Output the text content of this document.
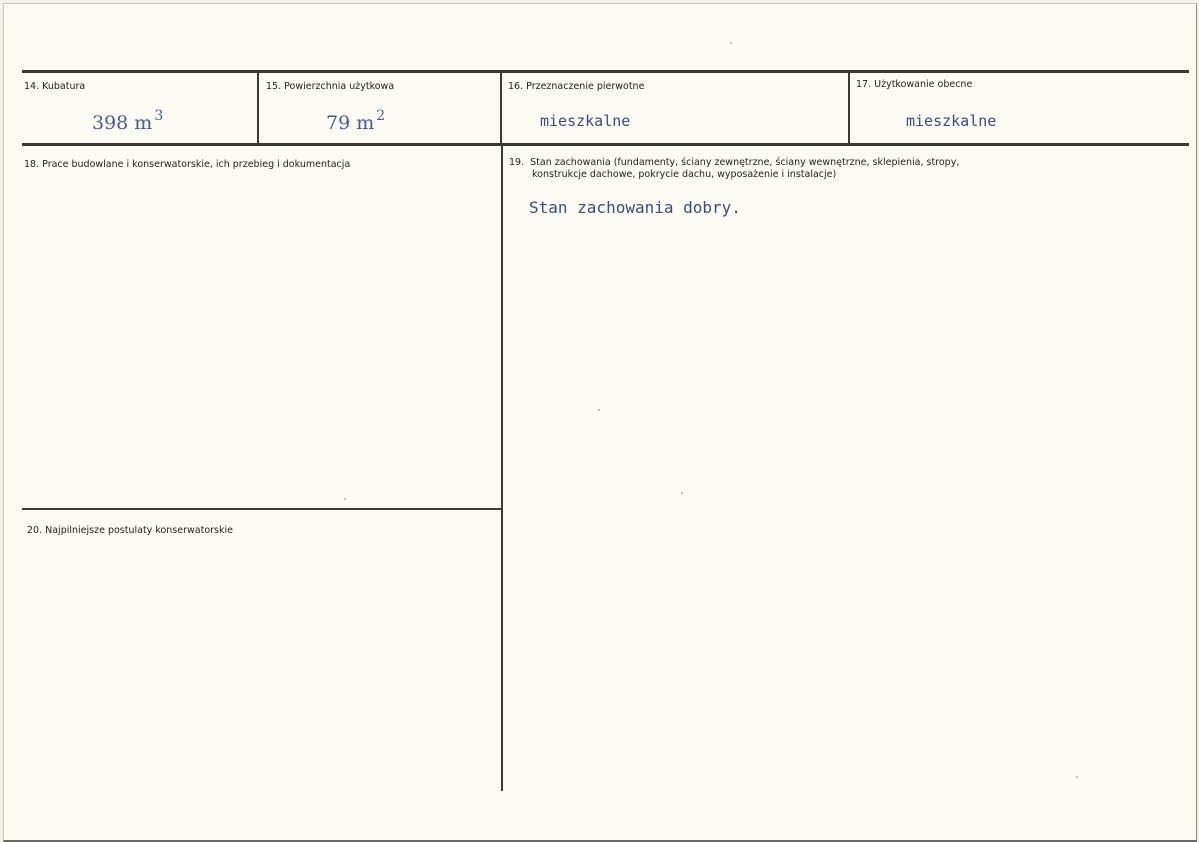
14. Kubatura
398 m $^3$
15. Powierzchnia użytkowa
79 m $^2$
16. Przeznaczenie pierwotne
mieszkalne
17. Użytkowanie obecne
mieszkalne
18. Prace budowlane i konserwatorskie, ich przebieg i dokumentacja	19.  Stan zachowania (fundamenty, ściany zewnętrzne, ściany wewnętrzne, sklepienia, stropy,
konstrukcje dachowe, pokrycie dachu, wyposażenie i instalacje)
Stan zachowania dobry.
20. Najpilniejsze postulaty konserwatorskie
